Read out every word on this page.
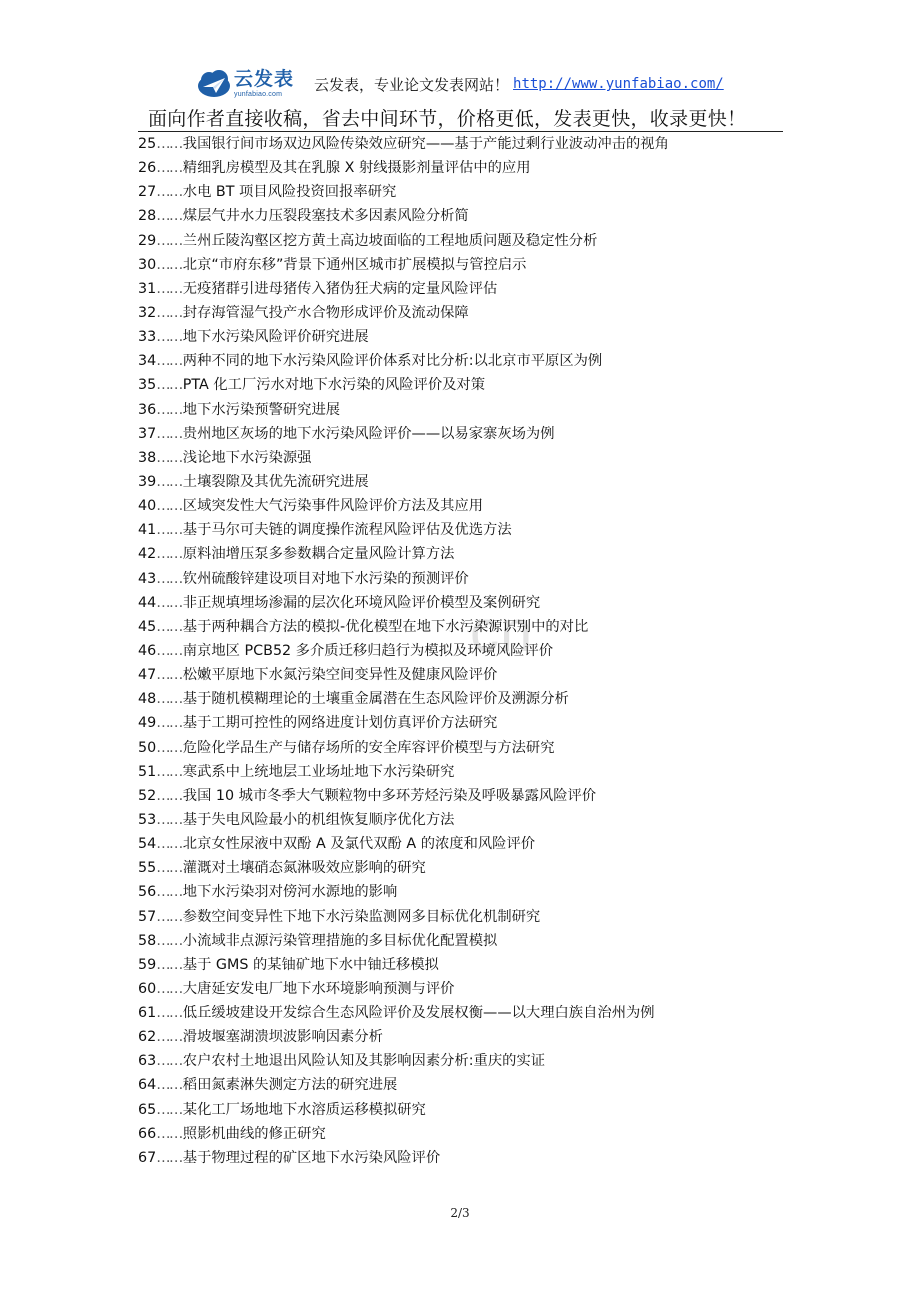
云发表
yunfabiao.com
云发表，专业论文发表网站！ http://www.yunfabiao.com/
面向作者直接收稿，省去中间环节，价格更低，发表更快，收录更快！
cn
25……我国银行间市场双边风险传染效应研究——基于产能过剩行业波动冲击的视角
26……精细乳房模型及其在乳腺 X 射线摄影剂量评估中的应用
27……水电 BT 项目风险投资回报率研究
28……煤层气井水力压裂段塞技术多因素风险分析简
29……兰州丘陵沟壑区挖方黄土高边坡面临的工程地质问题及稳定性分析
30……北京“市府东移”背景下通州区城市扩展模拟与管控启示
31……无疫猪群引进母猪传入猪伪狂犬病的定量风险评估
32……封存海管湿气投产水合物形成评价及流动保障
33……地下水污染风险评价研究进展
34……两种不同的地下水污染风险评价体系对比分析:以北京市平原区为例
35……PTA 化工厂污水对地下水污染的风险评价及对策
36……地下水污染预警研究进展
37……贵州地区灰场的地下水污染风险评价——以易家寨灰场为例
38……浅论地下水污染源强
39……土壤裂隙及其优先流研究进展
40……区域突发性大气污染事件风险评价方法及其应用
41……基于马尔可夫链的调度操作流程风险评估及优选方法
42……原料油增压泵多参数耦合定量风险计算方法
43……钦州硫酸锌建设项目对地下水污染的预测评价
44……非正规填埋场渗漏的层次化环境风险评价模型及案例研究
45……基于两种耦合方法的模拟-优化模型在地下水污染源识别中的对比
46……南京地区 PCB52 多介质迁移归趋行为模拟及环境风险评价
47……松嫩平原地下水氮污染空间变异性及健康风险评价
48……基于随机模糊理论的土壤重金属潜在生态风险评价及溯源分析
49……基于工期可控性的网络进度计划仿真评价方法研究
50……危险化学品生产与储存场所的安全库容评价模型与方法研究
51……寒武系中上统地层工业场址地下水污染研究
52……我国 10 城市冬季大气颗粒物中多环芳烃污染及呼吸暴露风险评价
53……基于失电风险最小的机组恢复顺序优化方法
54……北京女性尿液中双酚 A 及氯代双酚 A 的浓度和风险评价
55……灌溉对土壤硝态氮淋吸效应影响的研究
56……地下水污染羽对傍河水源地的影响
57……参数空间变异性下地下水污染监测网多目标优化机制研究
58……小流域非点源污染管理措施的多目标优化配置模拟
59……基于 GMS 的某铀矿地下水中铀迁移模拟
60……大唐延安发电厂地下水环境影响预测与评价
61……低丘缓坡建设开发综合生态风险评价及发展权衡——以大理白族自治州为例
62……滑坡堰塞湖溃坝波影响因素分析
63……农户农村土地退出风险认知及其影响因素分析:重庆的实证
64……稻田氮素淋失测定方法的研究进展
65……某化工厂场地地下水溶质运移模拟研究
66……照影机曲线的修正研究
67……基于物理过程的矿区地下水污染风险评价
2/3
